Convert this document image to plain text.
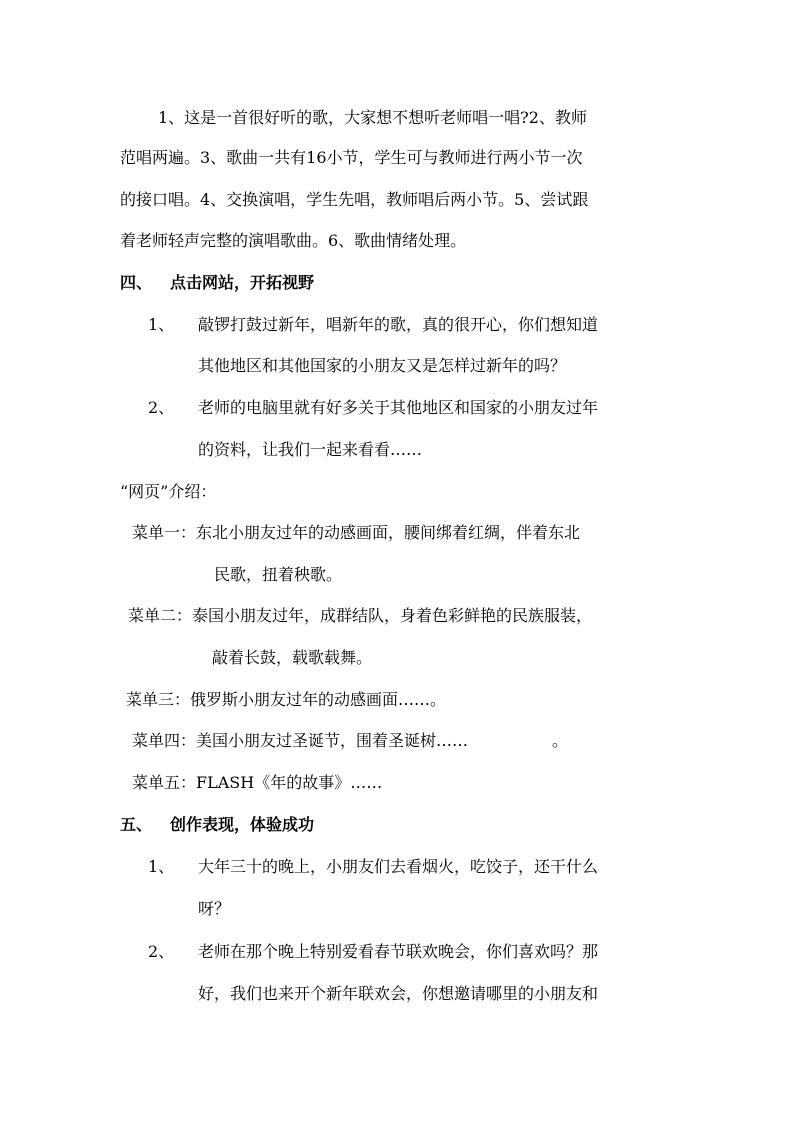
1、这是一首很好听的歌，大家想不想听老师唱一唱?2、教师
范唱两遍。3、歌曲一共有16小节，学生可与教师进行两小节一次
的接口唱。4、交换演唱，学生先唱，教师唱后两小节。5、尝试跟
着老师轻声完整的演唱歌曲。6、歌曲情绪处理。
四、 点击网站，开拓视野
1、 敲锣打鼓过新年，唱新年的歌，真的很开心，你们想知道
其他地区和其他国家的小朋友又是怎样过新年的吗？
2、 老师的电脑里就有好多关于其他地区和国家的小朋友过年
的资料，让我们一起来看看……
“网页”介绍：
菜单一：东北小朋友过年的动感画面，腰间绑着红绸，伴着东北
民歌，扭着秧歌。
菜单二：泰国小朋友过年，成群结队，身着色彩鲜艳的民族服装，
敲着长鼓，载歌载舞。
菜单三：俄罗斯小朋友过年的动感画面……。
菜单四：美国小朋友过圣诞节，围着圣诞树……	。
菜单五：FLASH《年的故事》……
五、 创作表现，体验成功
1、 大年三十的晚上，小朋友们去看烟火，吃饺子，还干什么
呀？
2、 老师在那个晚上特别爱看春节联欢晚会，你们喜欢吗？那
好，我们也来开个新年联欢会，你想邀请哪里的小朋友和
